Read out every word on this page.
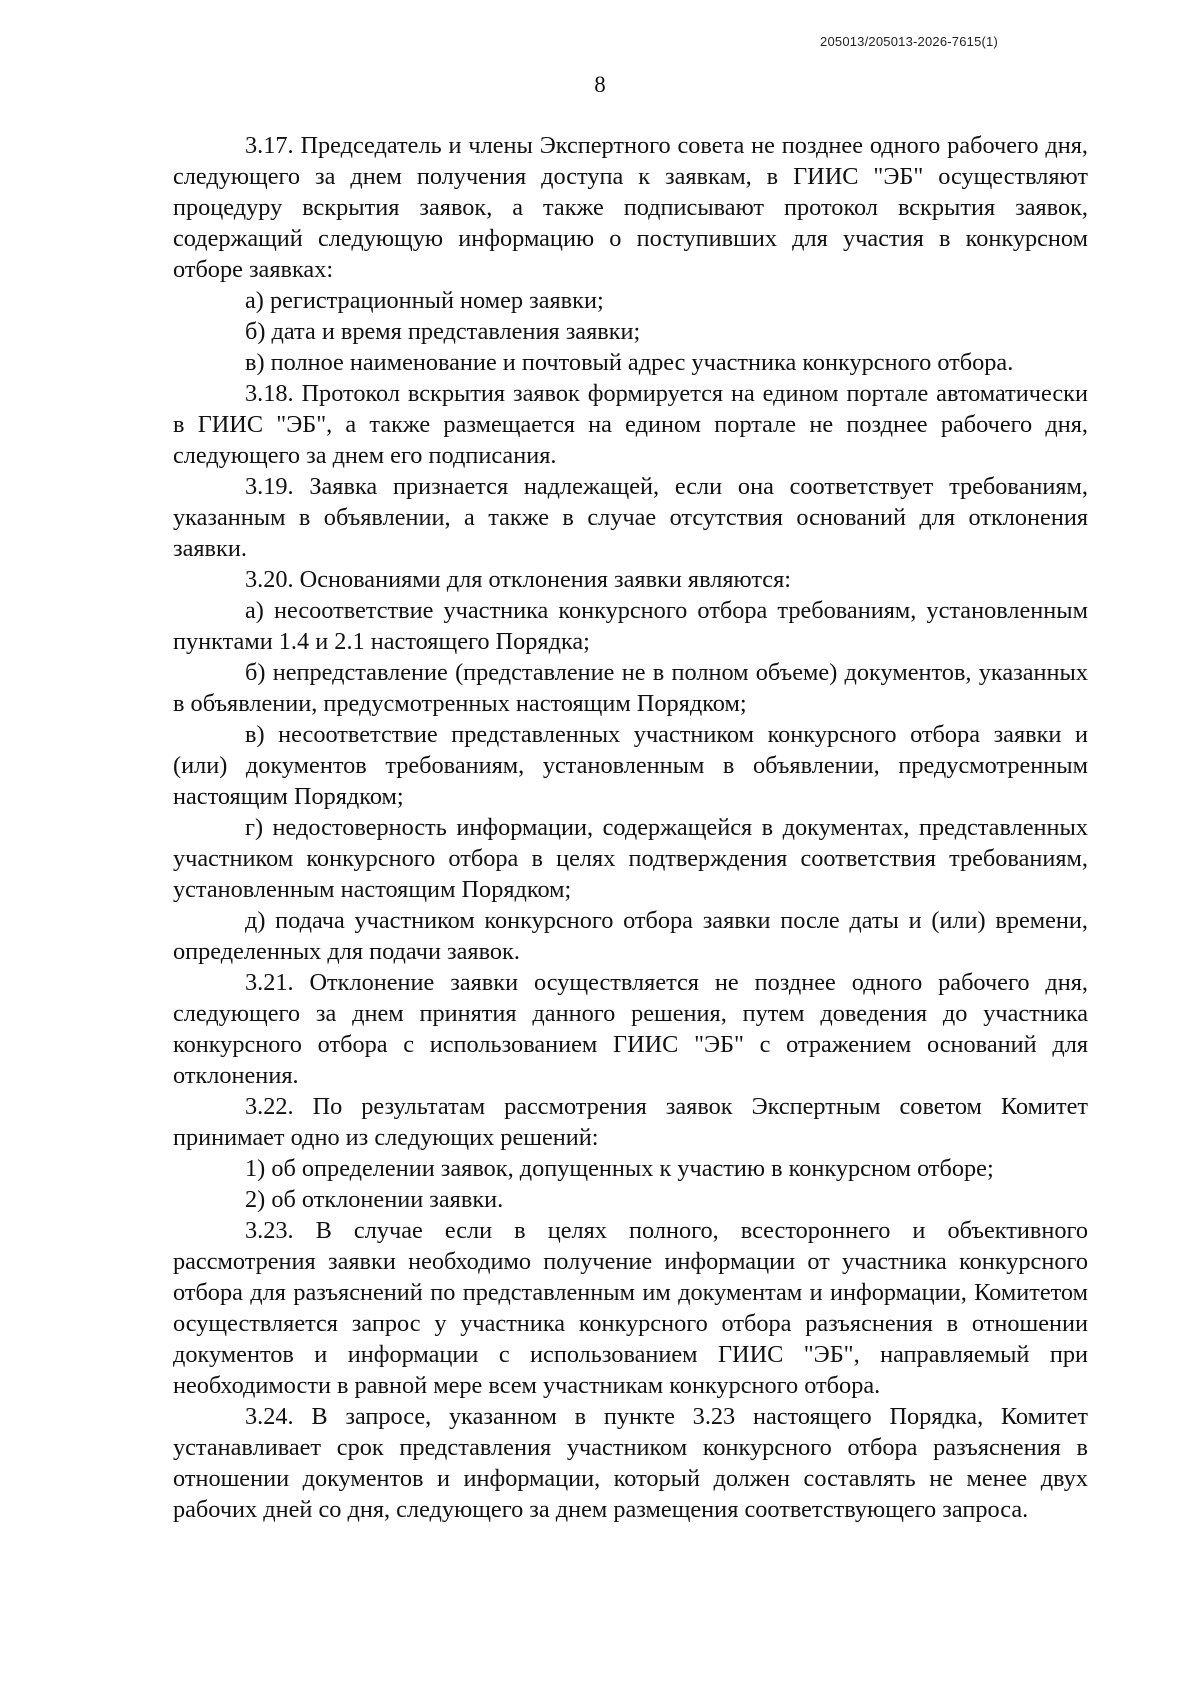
205013/205013-2026-7615(1)
8

3.17. Председатель и члены Экспертного совета не позднее одного рабочего дня, следующего за днем получения доступа к заявкам, в ГИИС "ЭБ" осуществляют процедуру вскрытия заявок, а также подписывают протокол вскрытия заявок, содержащий следующую информацию о поступивших для участия в конкурсном отборе заявках:

а) регистрационный номер заявки;

б) дата и время представления заявки;

в) полное наименование и почтовый адрес участника конкурсного отбора.

3.18. Протокол вскрытия заявок формируется на едином портале автоматически в ГИИС "ЭБ", а также размещается на едином портале не позднее рабочего дня, следующего за днем его подписания.

3.19. Заявка признается надлежащей, если она соответствует требованиям, указанным в объявлении, а также в случае отсутствия оснований для отклонения заявки.

3.20. Основаниями для отклонения заявки являются:

а) несоответствие участника конкурсного отбора требованиям, установленным пунктами 1.4 и 2.1 настоящего Порядка;

б) непредставление (представление не в полном объеме) документов, указанных в объявлении, предусмотренных настоящим Порядком;

в) несоответствие представленных участником конкурсного отбора заявки и (или) документов требованиям, установленным в объявлении, предусмотренным настоящим Порядком;

г) недостоверность информации, содержащейся в документах, представленных участником конкурсного отбора в целях подтверждения соответствия требованиям, установленным настоящим Порядком;

д) подача участником конкурсного отбора заявки после даты и (или) времени, определенных для подачи заявок.

3.21. Отклонение заявки осуществляется не позднее одного рабочего дня, следующего за днем принятия данного решения, путем доведения до участника конкурсного отбора с использованием ГИИС "ЭБ" с отражением оснований для отклонения.

3.22. По результатам рассмотрения заявок Экспертным советом Комитет принимает одно из следующих решений:

1) об определении заявок, допущенных к участию в конкурсном отборе;

2) об отклонении заявки.

3.23. В случае если в целях полного, всестороннего и объективного рассмотрения заявки необходимо получение информации от участника конкурсного отбора для разъяснений по представленным им документам и информации, Комитетом осуществляется запрос у участника конкурсного отбора разъяснения в отношении документов и информации с использованием ГИИС "ЭБ", направляемый при необходимости в равной мере всем участникам конкурсного отбора.

3.24. В запросе, указанном в пункте 3.23 настоящего Порядка, Комитет устанавливает срок представления участником конкурсного отбора разъяснения в отношении документов и информации, который должен составлять не менее двух рабочих дней со дня, следующего за днем размещения соответствующего запроса.
